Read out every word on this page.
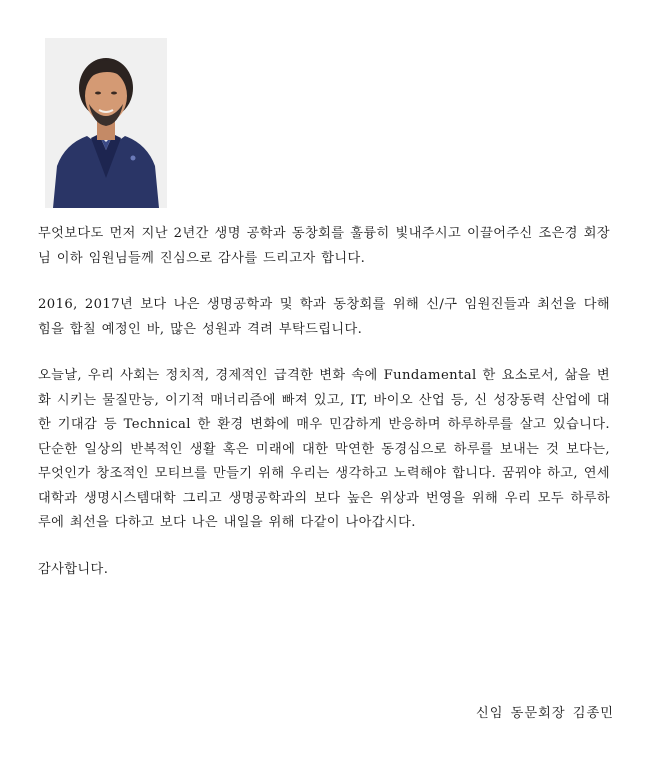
무엇보다도 먼저 지난 2년간 생명 공학과 동창회를 훌륭히 빛내주시고 이끌어주신 조은경 회장님 이하 임원님들께 진심으로 감사를 드리고자 합니다.

2016, 2017년 보다 나은 생명공학과 및 학과 동창회를 위해 신/구 임원진들과 최선을 다해 힘을 합칠 예정인 바, 많은 성원과 격려 부탁드립니다.

오늘날, 우리 사회는 정치적, 경제적인 급격한 변화 속에 Fundamental 한 요소로서, 삶을 변화 시키는 물질만능, 이기적 매너리즘에 빠져 있고, IT, 바이오 산업 등, 신 성장동력 산업에 대한 기대감 등 Technical 한 환경 변화에 매우 민감하게 반응하며 하루하루를 살고 있습니다. 단순한 일상의 반복적인 생활 혹은 미래에 대한 막연한 동경심으로 하루를 보내는 것 보다는, 무엇인가 창조적인 모티브를 만들기 위해 우리는 생각하고 노력해야 합니다. 꿈꿔야 하고, 연세 대학과 생명시스템대학 그리고 생명공학과의 보다 높은 위상과 번영을 위해 우리 모두 하루하루에 최선을 다하고 보다 나은 내일을 위해 다같이 나아갑시다.

감사합니다.

신임 동문회장 김종민
